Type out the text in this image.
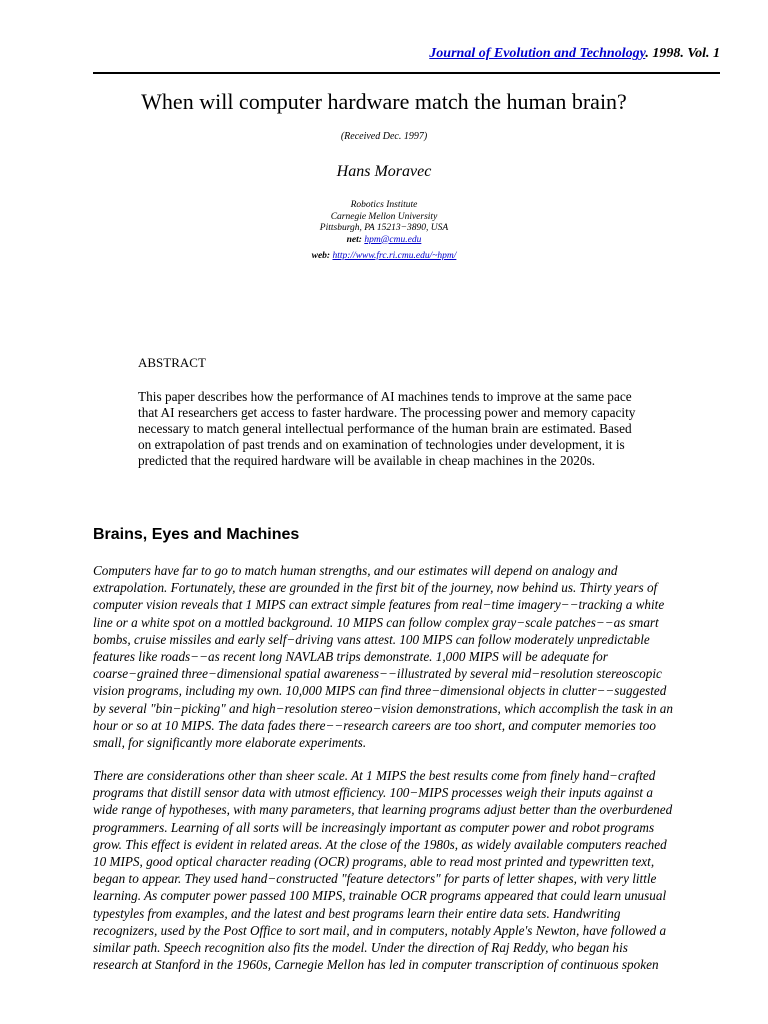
Journal of Evolution and Technology. 1998. Vol. 1
When will computer hardware match the human brain?
(Received Dec. 1997)
Hans Moravec
Robotics Institute
Carnegie Mellon University
Pittsburgh, PA 15213−3890, USA
net: hpm@cmu.edu
web: http://www.frc.ri.cmu.edu/~hpm/
ABSTRACT
This paper describes how the performance of AI machines tends to improve at the same pace
that AI researchers get access to faster hardware. The processing power and memory capacity
necessary to match general intellectual performance of the human brain are estimated. Based
on extrapolation of past trends and on examination of technologies under development, it is
predicted that the required hardware will be available in cheap machines in the 2020s.
Brains, Eyes and Machines
Computers have far to go to match human strengths, and our estimates will depend on analogy and
extrapolation. Fortunately, these are grounded in the first bit of the journey, now behind us. Thirty years of
computer vision reveals that 1 MIPS can extract simple features from real−time imagery−−tracking a white
line or a white spot on a mottled background. 10 MIPS can follow complex gray−scale patches−−as smart
bombs, cruise missiles and early self−driving vans attest. 100 MIPS can follow moderately unpredictable
features like roads−−as recent long NAVLAB trips demonstrate. 1,000 MIPS will be adequate for
coarse−grained three−dimensional spatial awareness−−illustrated by several mid−resolution stereoscopic
vision programs, including my own. 10,000 MIPS can find three−dimensional objects in clutter−−suggested
by several "bin−picking" and high−resolution stereo−vision demonstrations, which accomplish the task in an
hour or so at 10 MIPS. The data fades there−−research careers are too short, and computer memories too
small, for significantly more elaborate experiments.
There are considerations other than sheer scale. At 1 MIPS the best results come from finely hand−crafted
programs that distill sensor data with utmost efficiency. 100−MIPS processes weigh their inputs against a
wide range of hypotheses, with many parameters, that learning programs adjust better than the overburdened
programmers. Learning of all sorts will be increasingly important as computer power and robot programs
grow. This effect is evident in related areas. At the close of the 1980s, as widely available computers reached
10 MIPS, good optical character reading (OCR) programs, able to read most printed and typewritten text,
began to appear. They used hand−constructed "feature detectors" for parts of letter shapes, with very little
learning. As computer power passed 100 MIPS, trainable OCR programs appeared that could learn unusual
typestyles from examples, and the latest and best programs learn their entire data sets. Handwriting
recognizers, used by the Post Office to sort mail, and in computers, notably Apple's Newton, have followed a
similar path. Speech recognition also fits the model. Under the direction of Raj Reddy, who began his
research at Stanford in the 1960s, Carnegie Mellon has led in computer transcription of continuous spoken
